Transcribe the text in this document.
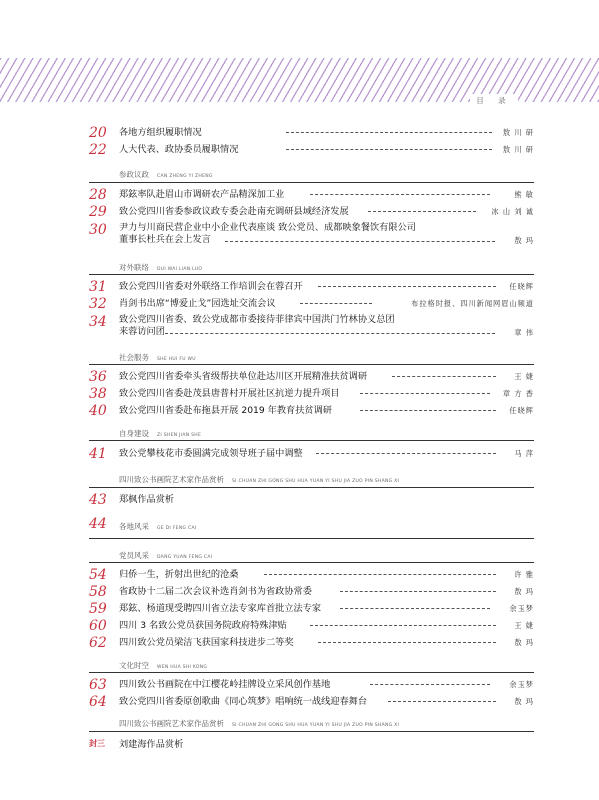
目 录
20	各地方组织履职情况	敖 川 研
22	人大代表、政协委员履职情况	敖 川 研
参政议政 CAN ZHENG YI ZHENG
28	郑鉉率队赴眉山市调研农产品精深加工业	熊 敏
29	致公党四川省委参政议政专委会赴南充调研县域经济发展	冰 山 刘 诚
30	尹力与川商民营企业中小企业代表座谈 致公党员、成都映象餐饮有限公司
董事长杜兵在会上发言	敖 玛
对外联络 DUI WAI LIAN LUO
31	致公党四川省委对外联络工作培训会在蓉召开	任晓辉
32	肖剑书出席“博爱止戈”园选址交流会议	布拉格时报、四川新闻网眉山频道
34	致公党四川省委、致公党成都市委接待菲律宾中国洪门竹林协义总团
来蓉访问团	章 伟
社会服务 SHE HUI FU WU
36	致公党四川省委牵头省级帮扶单位赴达川区开展精准扶贫调研	王 婕
38	致公党四川省委赴茂县唐普村开展社区抗逆力提升项目	章 方 香
40	致公党四川省委赴布拖县开展 2019 年教育扶贫调研	任晓辉
自身建设 ZI SHEN JIAN SHE
41	致公党攀枝花市委圆满完成领导班子届中调整	马 萍
四川致公书画院艺术家作品赏析 SI CHUAN ZHI GONG SHU HUA YUAN YI SHU JIA ZUO PIN SHANG XI
43	郑枫作品赏析
44	各地风采 GE DI FENG CAI
党员风采 DANG YUAN FENG CAI
54	归侨一生，折射出世纪的沧桑	许 雅
58	省政协十二届二次会议补选肖剑书为省政协常委	敖 玛
59	郑鉉、杨道现受聘四川省立法专家库首批立法专家	余玉梦
60	四川 3 名致公党员获国务院政府特殊津贴	王 婕
62	四川致公党员梁洁飞获国家科技进步二等奖	敖 玛
文化时空 WEN HUA SHI KONG
63	四川致公书画院在中江樱花岭挂牌设立采风创作基地	余玉梦
64	致公党四川省委原创歌曲《同心筑梦》唱响统一战线迎春舞台	敖 玛
四川致公书画院艺术家作品赏析 SI CHUAN ZHI GONG SHU HUA YUAN YI SHU JIA ZUO PIN SHANG XI
封三 刘建海作品赏析
